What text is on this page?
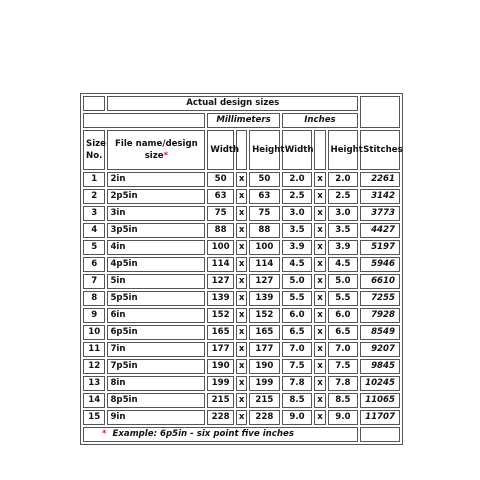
	Actual design sizes							
		Millimeters			Inches			
Size
No.	File name/design
size*	Width		Height	Width		Height	Stitches
1	2in	50	x	50	2.0	x	2.0	2261
2	2p5in	63	x	63	2.5	x	2.5	3142
3	3in	75	x	75	3.0	x	3.0	3773
4	3p5in	88	x	88	3.5	x	3.5	4427
5	4in	100	x	100	3.9	x	3.9	5197
6	4p5in	114	x	114	4.5	x	4.5	5946
7	5in	127	x	127	5.0	x	5.0	6610
8	5p5in	139	x	139	5.5	x	5.5	7255
9	6in	152	x	152	6.0	x	6.0	7928
10	6p5in	165	x	165	6.5	x	6.5	8549
11	7in	177	x	177	7.0	x	7.0	9207
12	7p5in	190	x	190	7.5	x	7.5	9845
13	8in	199	x	199	7.8	x	7.8	10245
14	8p5in	215	x	215	8.5	x	8.5	11065
15	9in	228	x	228	9.0	x	9.0	11707
* Example: 6p5in - six point five inches								
